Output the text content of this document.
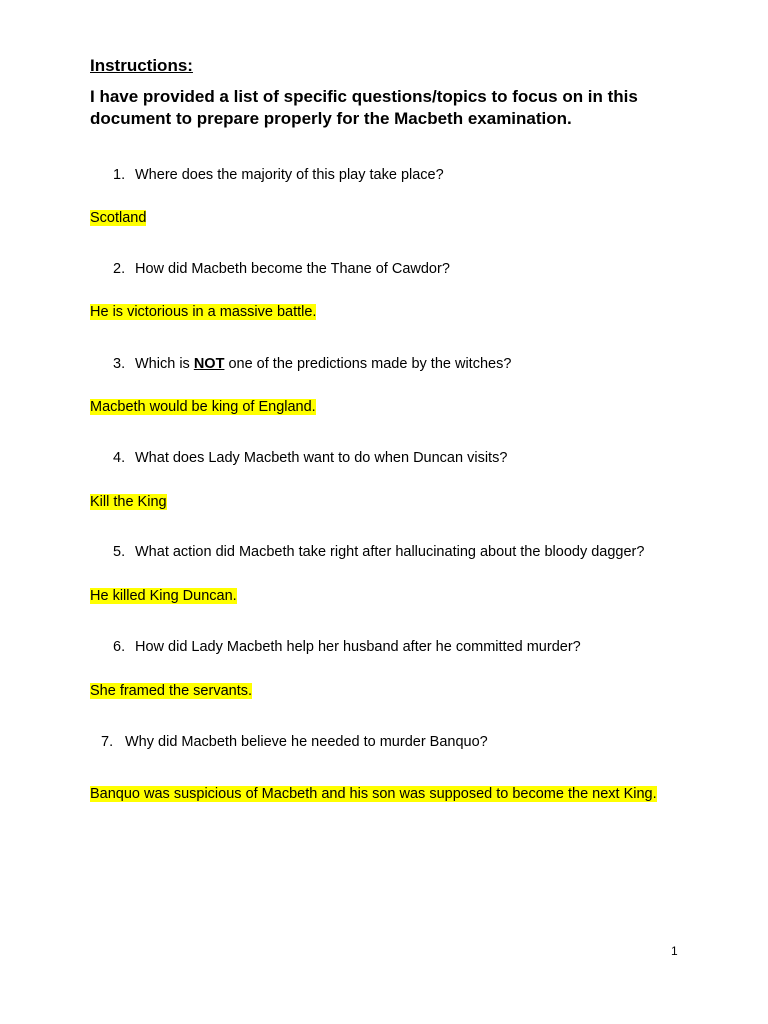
Instructions:

I have provided a list of specific questions/topics to focus on in this document to prepare properly for the Macbeth examination.

1. Where does the majority of this play take place?
Scotland
2. How did Macbeth become the Thane of Cawdor?
He is victorious in a massive battle.
3. Which is NOT one of the predictions made by the witches?
Macbeth would be king of England.
4. What does Lady Macbeth want to do when Duncan visits?
Kill the King
5. What action did Macbeth take right after hallucinating about the bloody dagger?
He killed King Duncan.
6. How did Lady Macbeth help her husband after he committed murder?
She framed the servants.
7. Why did Macbeth believe he needed to murder Banquo?
Banquo was suspicious of Macbeth and his son was supposed to become the next King.
1
